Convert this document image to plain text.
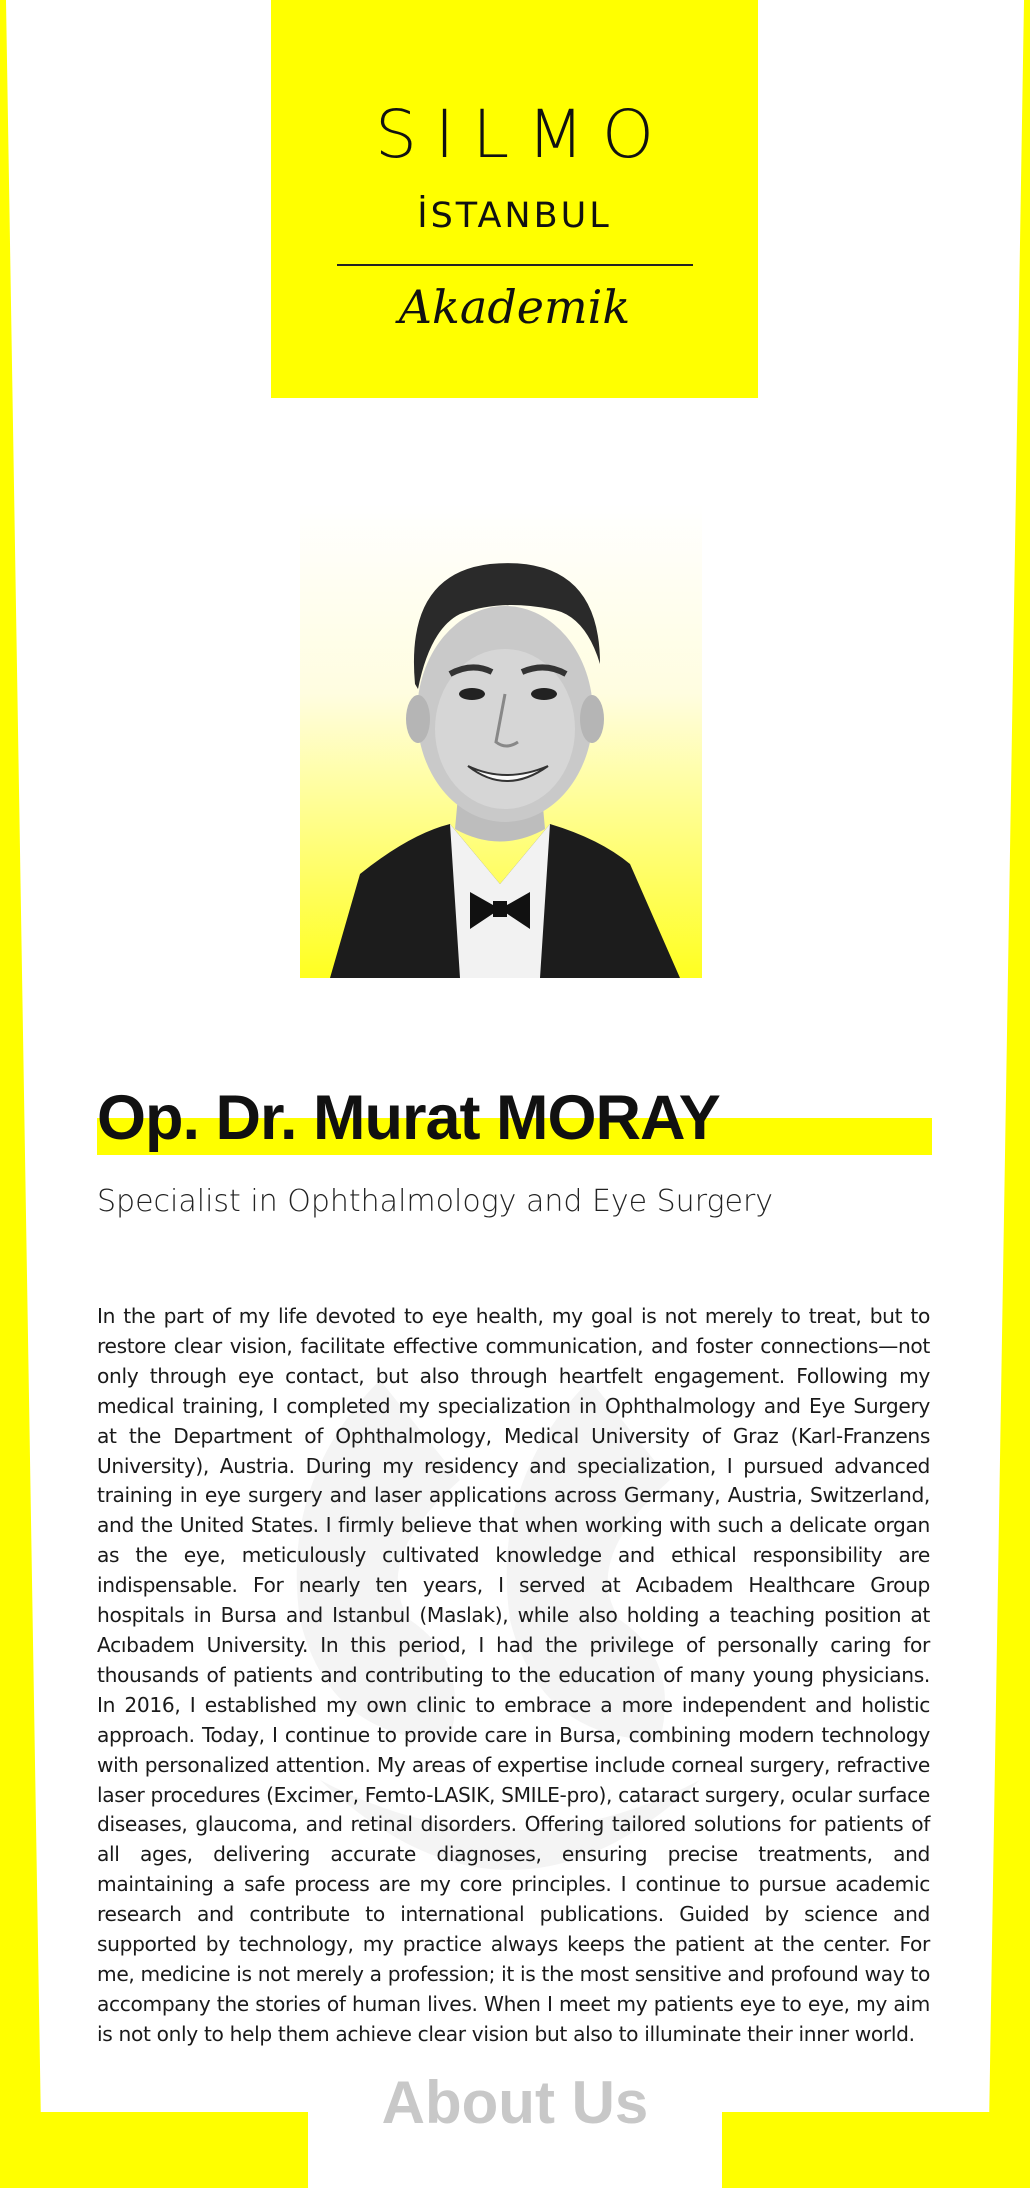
SILMO
İSTANBUL
Akademik
Op. Dr. Murat MORAY
Specialist in Ophthalmology and Eye Surgery
In the part of my life devoted to eye health, my goal is not merely to treat, but to restore clear vision, facilitate effective communication, and foster connections—not only through eye contact, but also through heartfelt engagement. Following my medical training, I completed my specialization in Ophthalmology and Eye Surgery at the Department of Ophthalmology, Medical University of Graz (Karl-Franzens University), Austria. During my residency and specialization, I pursued advanced training in eye surgery and laser applications across Germany, Austria, Switzerland, and the United States. I firmly believe that when working with such a delicate organ as the eye, meticulously cultivated knowledge and ethical responsibility are indispensable. For nearly ten years, I served at Acıbadem Healthcare Group hospitals in Bursa and Istanbul (Maslak), while also holding a teaching position at Acıbadem University. In this period, I had the privilege of personally caring for thousands of patients and contributing to the education of many young physicians. In 2016, I established my own clinic to embrace a more independent and holistic approach. Today, I continue to provide care in Bursa, combining modern technology with personalized attention. My areas of expertise include corneal surgery, refractive laser procedures (Excimer, Femto-LASIK, SMILE-pro), cataract surgery, ocular surface diseases, glaucoma, and retinal disorders. Offering tailored solutions for patients of all ages, delivering accurate diagnoses, ensuring precise treatments, and maintaining a safe process are my core principles. I continue to pursue academic research and contribute to international publications. Guided by science and supported by technology, my practice always keeps the patient at the center. For me, medicine is not merely a profession; it is the most sensitive and profound way to accompany the stories of human lives. When I meet my patients eye to eye, my aim is not only to help them achieve clear vision but also to illuminate their inner world.
About Us
